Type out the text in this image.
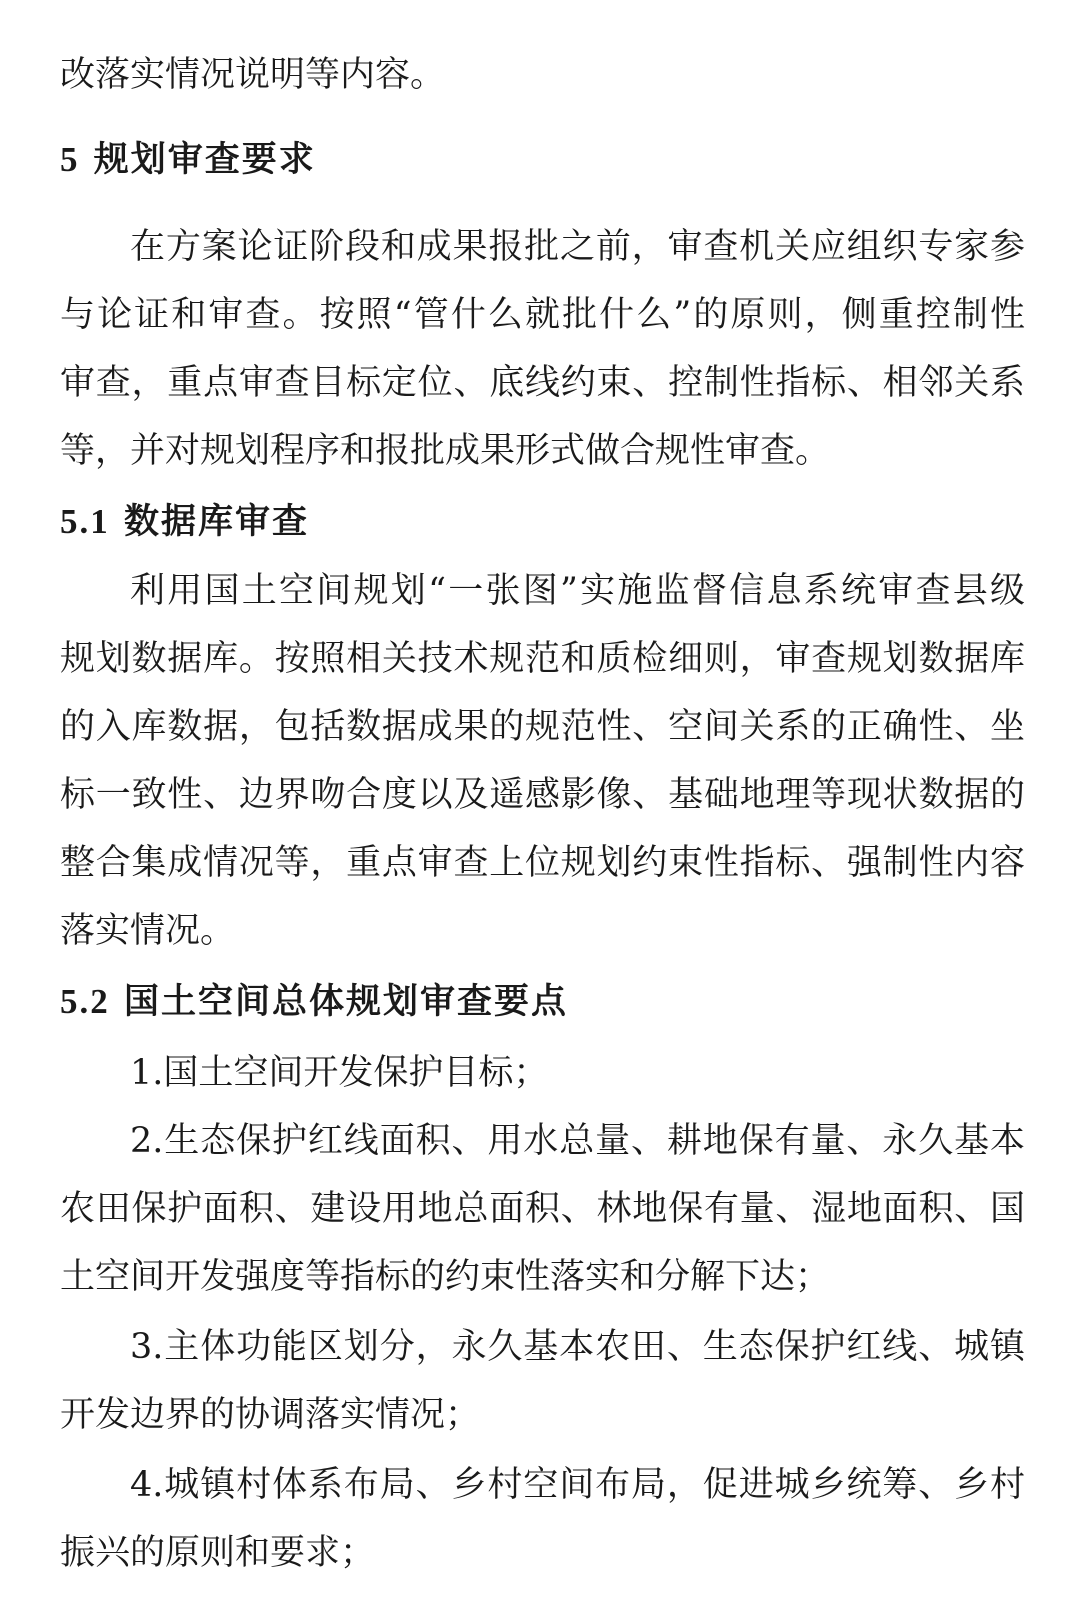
改落实情况说明等内容。
5 规划审查要求
在方案论证阶段和成果报批之前，审查机关应组织专家参
与论证和审查。按照“管什么就批什么”的原则，侧重控制性
审查，重点审查目标定位、底线约束、控制性指标、相邻关系
等，并对规划程序和报批成果形式做合规性审查。
5.1 数据库审查
利用国土空间规划“一张图”实施监督信息系统审查县级
规划数据库。按照相关技术规范和质检细则，审查规划数据库
的入库数据，包括数据成果的规范性、空间关系的正确性、坐
标一致性、边界吻合度以及遥感影像、基础地理等现状数据的
整合集成情况等，重点审查上位规划约束性指标、强制性内容
落实情况。
5.2 国土空间总体规划审查要点
1.国土空间开发保护目标；
2.生态保护红线面积、用水总量、耕地保有量、永久基本
农田保护面积、建设用地总面积、林地保有量、湿地面积、国
土空间开发强度等指标的约束性落实和分解下达；
3.主体功能区划分，永久基本农田、生态保护红线、城镇
开发边界的协调落实情况；
4.城镇村体系布局、乡村空间布局，促进城乡统筹、乡村
振兴的原则和要求；
